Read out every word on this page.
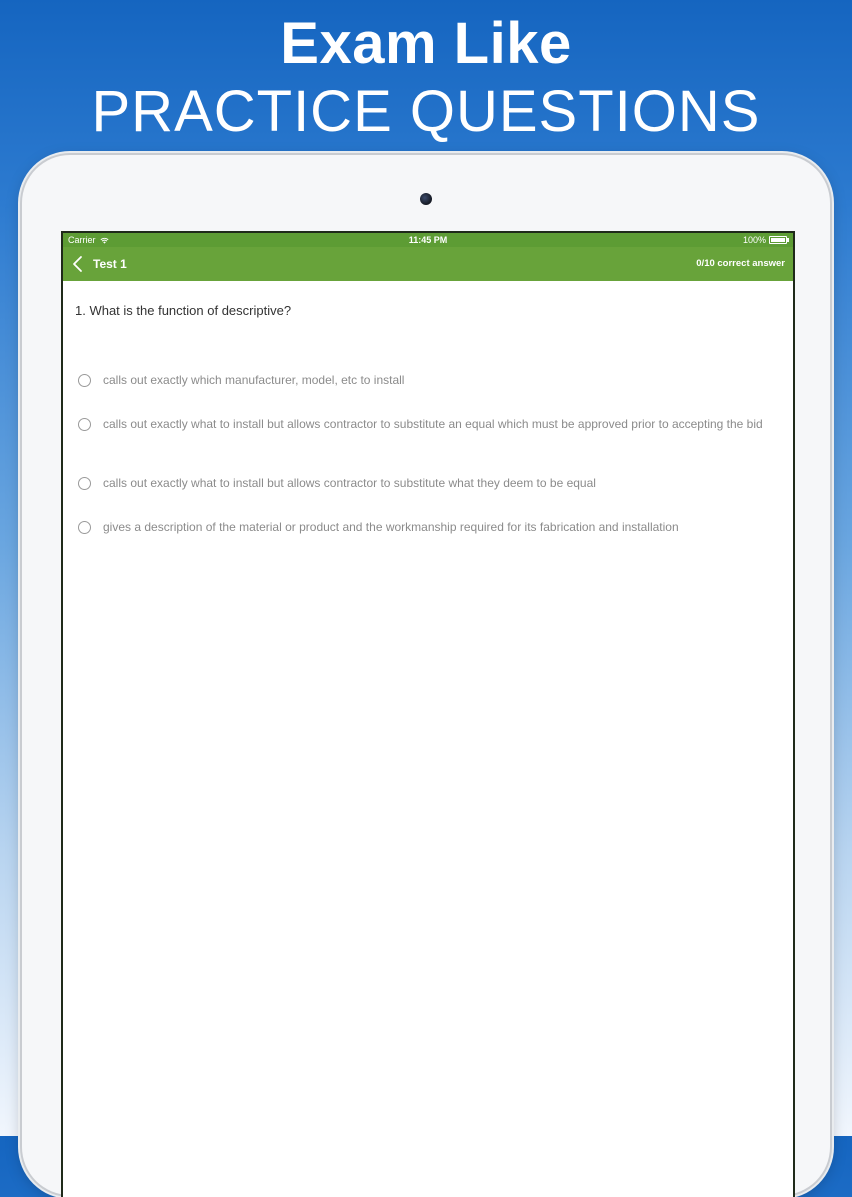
Exam Like
PRACTICE QUESTIONS
Carrier	11:45 PM	100%
Test 1	0/10 correct answer
1. What is the function of descriptive?
calls out exactly which manufacturer, model, etc to install
calls out exactly what to install but allows contractor to substitute an equal which must be approved prior to accepting the bid
calls out exactly what to install but allows contractor to substitute what they deem to be equal
gives a description of the material or product and the workmanship required for its fabrication and installation
